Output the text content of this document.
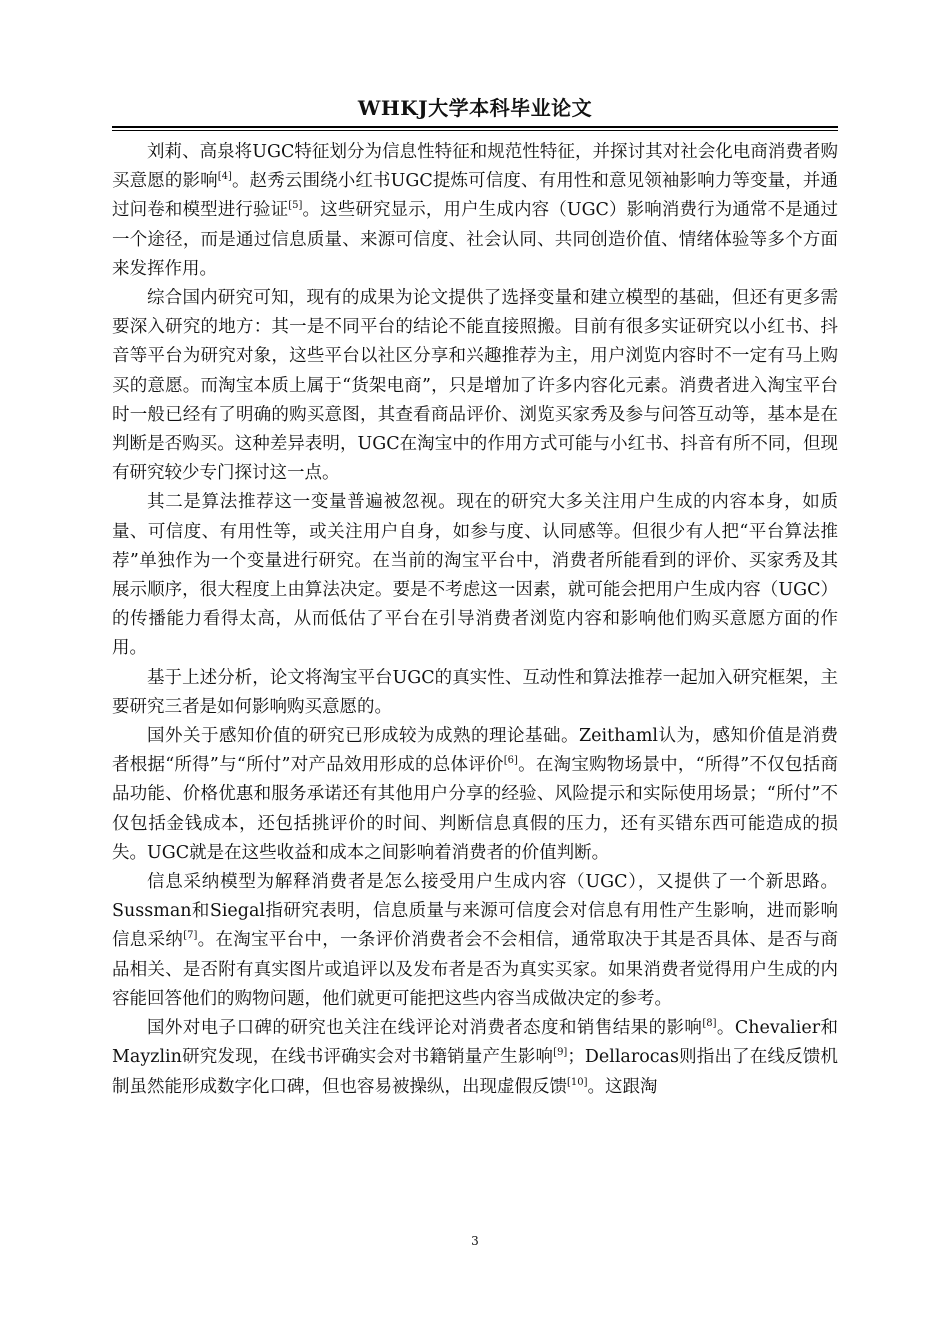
WHKJ大学本科毕业论文

刘莉、高泉将UGC特征划分为信息性特征和规范性特征，并探讨其对社会化电商消费者购买意愿的影响[4]。赵秀云围绕小红书UGC提炼可信度、有用性和意见领袖影响力等变量，并通过问卷和模型进行验证[5]。这些研究显示，用户生成内容（UGC）影响消费行为通常不是通过一个途径，而是通过信息质量、来源可信度、社会认同、共同创造价值、情绪体验等多个方面来发挥作用。

综合国内研究可知，现有的成果为论文提供了选择变量和建立模型的基础，但还有更多需要深入研究的地方：其一是不同平台的结论不能直接照搬。目前有很多实证研究以小红书、抖音等平台为研究对象，这些平台以社区分享和兴趣推荐为主，用户浏览内容时不一定有马上购买的意愿。而淘宝本质上属于“货架电商”，只是增加了许多内容化元素。消费者进入淘宝平台时一般已经有了明确的购买意图，其查看商品评价、浏览买家秀及参与问答互动等，基本是在判断是否购买。这种差异表明，UGC在淘宝中的作用方式可能与小红书、抖音有所不同，但现有研究较少专门探讨这一点。

其二是算法推荐这一变量普遍被忽视。现在的研究大多关注用户生成的内容本身，如质量、可信度、有用性等，或关注用户自身，如参与度、认同感等。但很少有人把“平台算法推荐”单独作为一个变量进行研究。在当前的淘宝平台中，消费者所能看到的评价、买家秀及其展示顺序，很大程度上由算法决定。要是不考虑这一因素，就可能会把用户生成内容（UGC）的传播能力看得太高，从而低估了平台在引导消费者浏览内容和影响他们购买意愿方面的作用。

基于上述分析，论文将淘宝平台UGC的真实性、互动性和算法推荐一起加入研究框架，主要研究三者是如何影响购买意愿的。

国外关于感知价值的研究已形成较为成熟的理论基础。Zeithaml认为，感知价值是消费者根据“所得”与“所付”对产品效用形成的总体评价[6]。在淘宝购物场景中，“所得”不仅包括商品功能、价格优惠和服务承诺还有其他用户分享的经验、风险提示和实际使用场景；“所付”不仅包括金钱成本，还包括挑评价的时间、判断信息真假的压力，还有买错东西可能造成的损失。UGC就是在这些收益和成本之间影响着消费者的价值判断。

信息采纳模型为解释消费者是怎么接受用户生成内容（UGC），又提供了一个新思路。Sussman和Siegal指研究表明，信息质量与来源可信度会对信息有用性产生影响，进而影响信息采纳[7]。在淘宝平台中，一条评价消费者会不会相信，通常取决于其是否具体、是否与商品相关、是否附有真实图片或追评以及发布者是否为真实买家。如果消费者觉得用户生成的内容能回答他们的购物问题，他们就更可能把这些内容当成做决定的参考。

国外对电子口碑的研究也关注在线评论对消费者态度和销售结果的影响[8]。Chevalier和Mayzlin研究发现，在线书评确实会对书籍销量产生影响[9]；Dellarocas则指出了在线反馈机制虽然能形成数字化口碑，但也容易被操纵，出现虚假反馈[10]。这跟淘

3
